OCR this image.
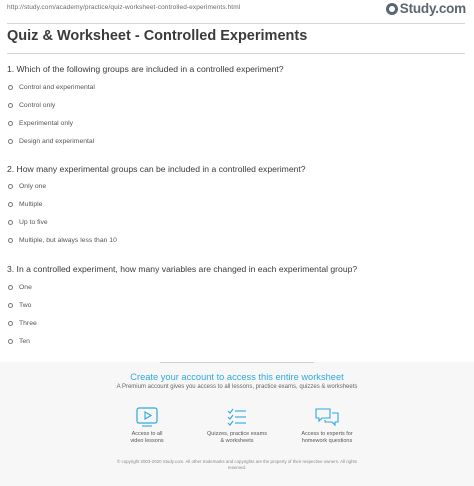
http://study.com/academy/practice/quiz-worksheet-controlled-experiments.html	Study.com
Quiz & Worksheet - Controlled Experiments
1. Which of the following groups are included in a controlled experiment?
Control and experimental
Control only
Experimental only
Design and experimental
2. How many experimental groups can be included in a controlled experiment?
Only one
Multiple
Up to five
Multiple, but always less than 10
3. In a controlled experiment, how many variables are changed in each experimental group?
One
Two
Three
Ten
Create your account to access this entire worksheet
A Premium account gives you access to all lessons, practice exams, quizzes & worksheets
Access to all
video lessons
Quizzes, practice exams
& worksheets
Access to experts for
homework questions
© copyright 2003-2020 Study.com. All other trademarks and copyrights are the property of their respective owners. All rights
reserved.
